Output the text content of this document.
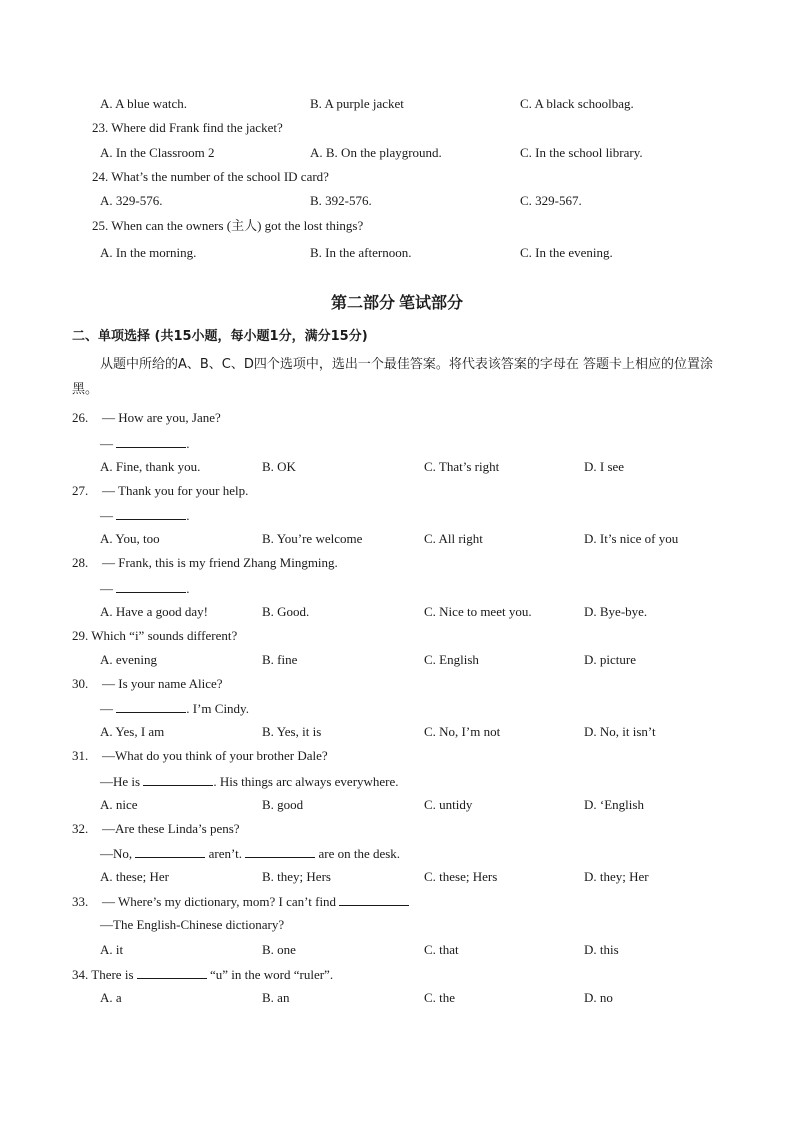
A. A blue watch.	B. A purple jacket	C. A black schoolbag.
23. Where did Frank find the jacket?
A. In the Classroom 2	A. B. On the playground.	C. In the school library.
24. What’s the number of the school ID card?
A. 329-576.	B. 392-576.	C. 329-567.
25. When can the owners (主人) got the lost things?
A. In the morning.	B. In the afternoon.	C. In the evening.
第二部分 笔试部分
二、单项选择 (共15小题，每小题1分，满分15分)
从题中所给的A、B、C、D四个选项中，选出一个最佳答案。将代表该答案的字母在 答题卡上相应的位置涂黑。
26. — How are you, Jane?
—	.
A. Fine, thank you.	B. OK	C. That’s right	D. I see
27. — Thank you for your help.
—	.
A. You, too	B. You’re welcome	C. All right	D. It’s nice of you
28. — Frank, this is my friend Zhang Mingming.
—	.
A. Have a good day!	B. Good.	C. Nice to meet you.	D. Bye-bye.
29. Which “i” sounds different?
A. evening	B. fine	C. English	D. picture
30. — Is your name Alice?
—	. I’m Cindy.
A. Yes, I am	B. Yes, it is	C. No, I’m not	D. No, it isn’t
31. —What do you think of your brother Dale?
—He is	. His things arc always everywhere.
A. nice	B. good	C. untidy	D. ‘English
32. —Are these Linda’s pens?
—No,	aren’t.	are on the desk.
A. these; Her	B. they; Hers	C. these; Hers	D. they; Her
33. — Where’s my dictionary, mom? I can’t find
—The English-Chinese dictionary?
A. it	B. one	C. that	D. this
34. There is	“u” in the word “ruler”.
A. a	B. an	C. the	D. no
